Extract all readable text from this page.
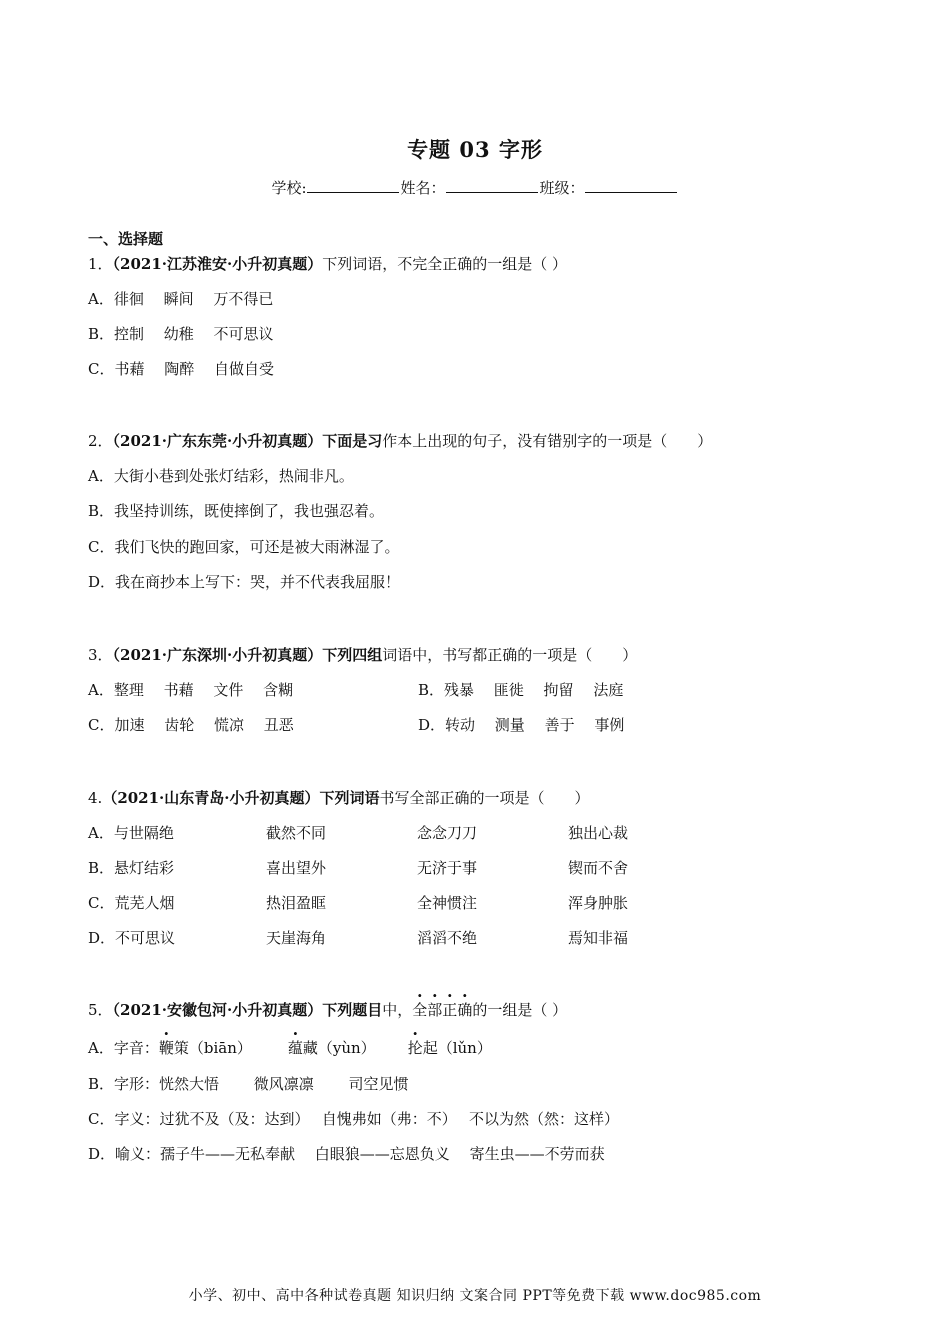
专题 03 字形
学校:	姓名：	班级：
一、选择题
1．（2021·江苏淮安·小升初真题）下列词语，不完全正确的一组是（ ）
A．徘徊　 瞬间　 万不得已
B．控制　 幼稚　 不可思议
C．书藉　 陶醉　 自做自受
2．（2021·广东东莞·小升初真题）下面是习作本上出现的句子，没有错别字的一项是（　　）
A．大街小巷到处张灯结彩，热闹非凡。
B．我坚持训练，既使摔倒了，我也强忍着。
C．我们飞快的跑回家，可还是被大雨淋湿了。
D．我在商抄本上写下：哭，并不代表我屈服！
3．（2021·广东深圳·小升初真题）下列四组词语中，书写都正确的一项是（　　）
A．整理　 书藉　 文件　 含糊	B．残暴　 匪徙　 拘留　 法庭
C．加速　 齿轮　 慌凉　 丑恶	D．转动　 测量　 善于　 事例
4.（2021·山东青岛·小升初真题）下列词语书写全部正确的一项是（　　）
A．与世隔绝	截然不同	念念刀刀	独出心裁
B．悬灯结彩	喜出望外	无济于事	锲而不舍
C．荒芜人烟	热泪盈眶	全神惯注	浑身肿胀
D．不可思议	天崖海角	滔滔不绝	焉知非福
5．（2021·安徽包河·小升初真题）下列题目中，全部正确的一组是（ ）
A．字音：鞭策（biān） 蕴藏（yùn） 抡起（lǔn）
B．字形：恍然大悟　　 微风凛凛　　 司空见惯
C．字义：过犹不及（及：达到）　 自愧弗如（弗：不）　 不以为然（然：这样）
D．喻义：孺子牛——无私奉献　 白眼狼——忘恩负义　 寄生虫——不劳而获
小学、初中、高中各种试卷真题 知识归纳 文案合同 PPT等免费下载 www.doc985.com
